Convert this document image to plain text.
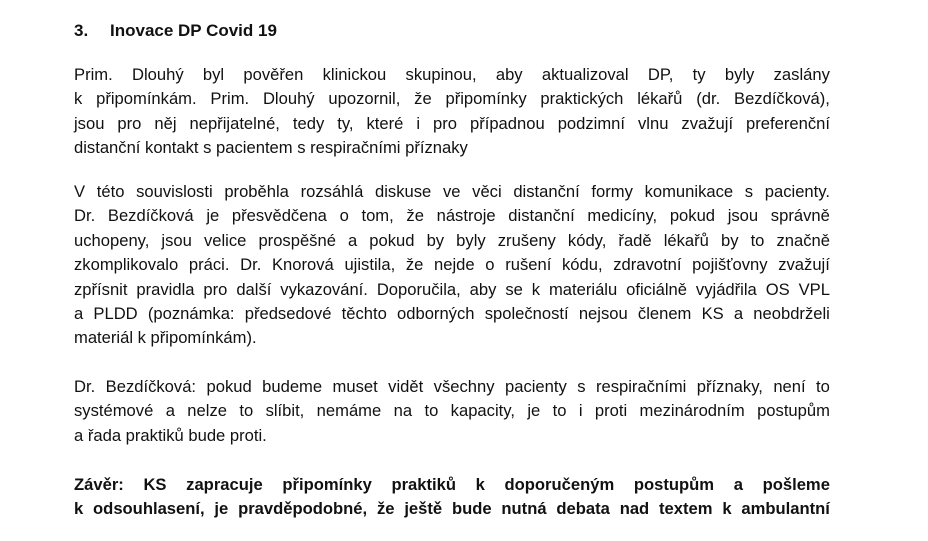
3. Inovace DP Covid 19
Prim. Dlouhý byl pověřen klinickou skupinou, aby aktualizoval DP, ty byly zaslány
k připomínkám. Prim. Dlouhý upozornil, že připomínky praktických lékařů (dr. Bezdíčková),
jsou pro něj nepřijatelné, tedy ty, které i pro případnou podzimní vlnu zvažují preferenční
distanční kontakt s pacientem s respiračními příznaky
V této souvislosti proběhla rozsáhlá diskuse ve věci distanční formy komunikace s pacienty.
Dr. Bezdíčková je přesvědčena o tom, že nástroje distanční medicíny, pokud jsou správně
uchopeny, jsou velice prospěšné a pokud by byly zrušeny kódy, řadě lékařů by to značně
zkomplikovalo práci. Dr. Knorová ujistila, že nejde o rušení kódu, zdravotní pojišťovny zvažují
zpřísnit pravidla pro další vykazování. Doporučila, aby se k materiálu oficiálně vyjádřila OS VPL
a PLDD (poznámka: předsedové těchto odborných společností nejsou členem KS a neobdrželi
materiál k připomínkám).
Dr. Bezdíčková: pokud budeme muset vidět všechny pacienty s respiračními příznaky, není to
systémové a nelze to slíbit, nemáme na to kapacity, je to i proti mezinárodním postupům
a řada praktiků bude proti.
Závěr: KS zapracuje připomínky praktiků k doporučeným postupům a pošleme
k odsouhlasení, je pravděpodobné, že ještě bude nutná debata nad textem k ambulantní
